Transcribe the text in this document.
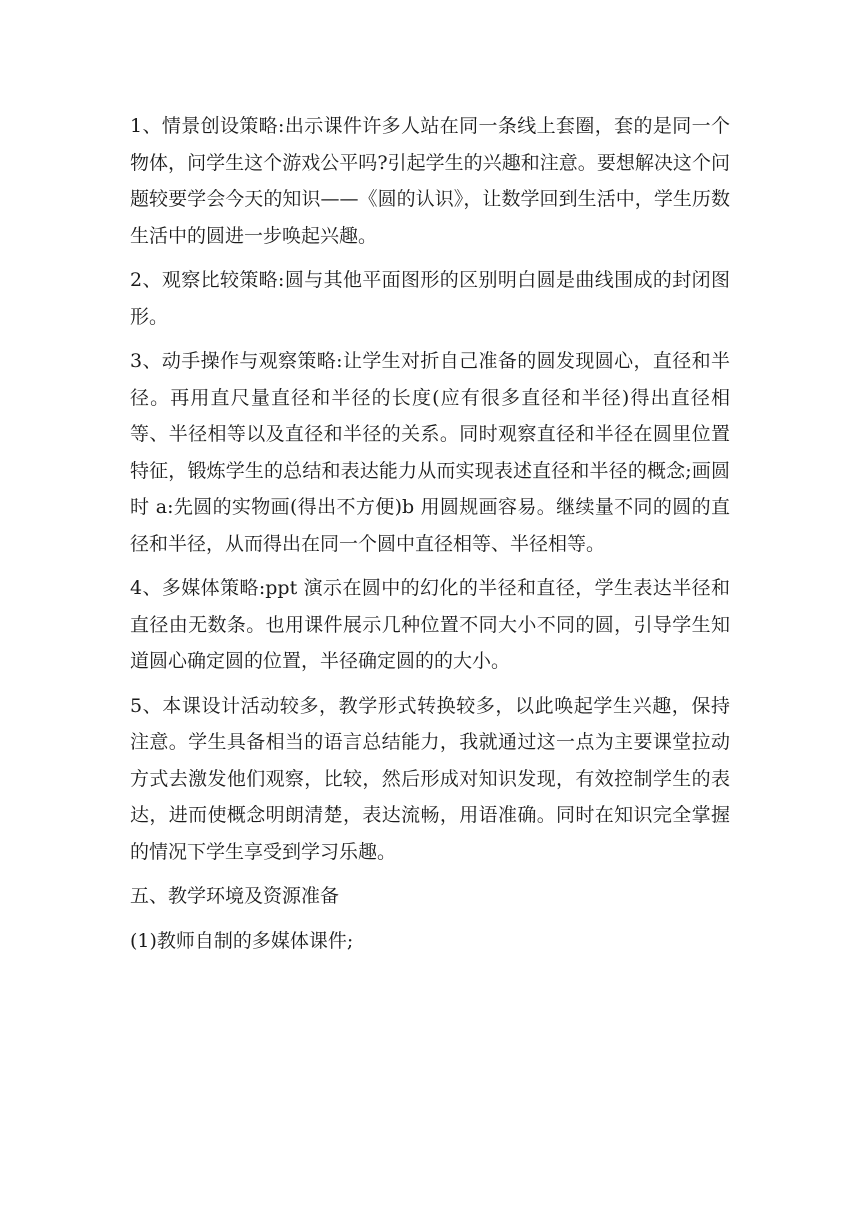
1、情景创设策略:出示课件许多人站在同一条线上套圈，套的是同一个物体，问学生这个游戏公平吗?引起学生的兴趣和注意。要想解决这个问题较要学会今天的知识——《圆的认识》，让数学回到生活中，学生历数生活中的圆进一步唤起兴趣。

2、观察比较策略:圆与其他平面图形的区别明白圆是曲线围成的封闭图形。

3、动手操作与观察策略:让学生对折自己准备的圆发现圆心，直径和半径。再用直尺量直径和半径的长度(应有很多直径和半径)得出直径相等、半径相等以及直径和半径的关系。同时观察直径和半径在圆里位置特征，锻炼学生的总结和表达能力从而实现表述直径和半径的概念;画圆时 a:先圆的实物画(得出不方便)b 用圆规画容易。继续量不同的圆的直径和半径，从而得出在同一个圆中直径相等、半径相等。

4、多媒体策略:ppt 演示在圆中的幻化的半径和直径，学生表达半径和直径由无数条。也用课件展示几种位置不同大小不同的圆，引导学生知道圆心确定圆的位置，半径确定圆的的大小。

5、本课设计活动较多，教学形式转换较多，以此唤起学生兴趣，保持注意。学生具备相当的语言总结能力，我就通过这一点为主要课堂拉动方式去激发他们观察，比较，然后形成对知识发现，有效控制学生的表达，进而使概念明朗清楚，表达流畅，用语准确。同时在知识完全掌握的情况下学生享受到学习乐趣。

五、教学环境及资源准备

(1)教师自制的多媒体课件;
